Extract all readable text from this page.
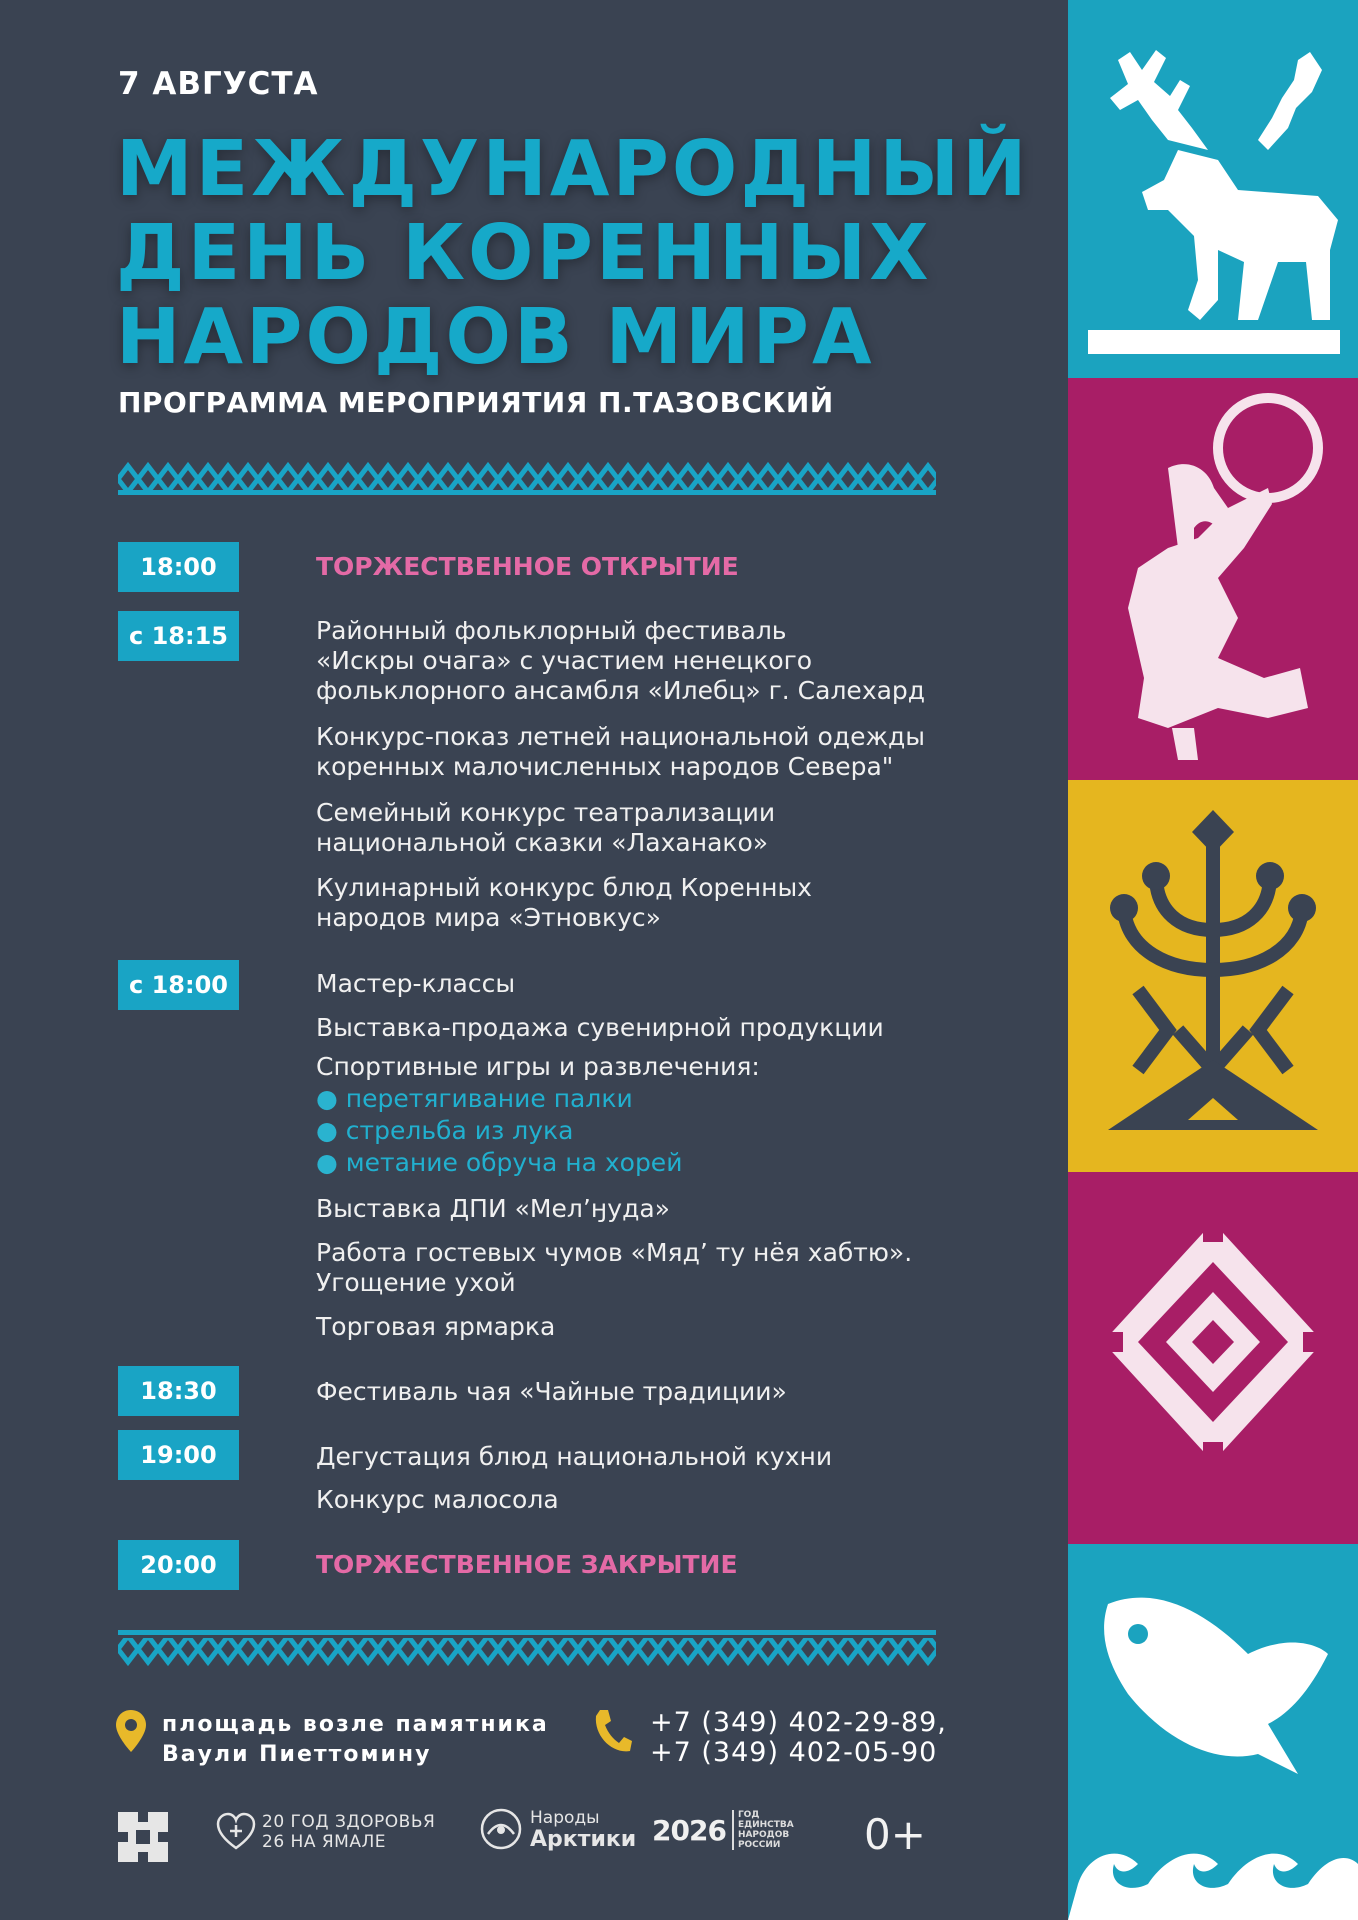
7 АВГУСТА
МЕЖДУНАРОДНЫЙ
ДЕНЬ КОРЕННЫХ
НАРОДОВ МИРА
ПРОГРАММА МЕРОПРИЯТИЯ П.ТАЗОВСКИЙ
18:00	ТОРЖЕСТВЕННОЕ ОТКРЫТИЕ
с 18:15	Районный фольклорный фестиваль
«Искры очага» с участием ненецкого
фольклорного ансамбля «Илебц» г. Салехард
Конкурс-показ летней национальной одежды
коренных малочисленных народов Севера"
Семейный конкурс театрализации
национальной сказки «Лаханако»
Кулинарный конкурс блюд Коренных
народов мира «Этновкус»
с 18:00	Мастер-классы
Выставка-продажа сувенирной продукции
Спортивные игры и развлечения:
● перетягивание палки
● стрельба из лука
● метание обруча на хорей
Выставка ДПИ «Мел’ӈуда»
Работа гостевых чумов «Мяд’ ту нёя хабтю».
Угощение ухой
Торговая ярмарка
18:30	Фестиваль чая «Чайные традиции»
19:00	Дегустация блюд национальной кухни
Конкурс малосола
20:00	ТОРЖЕСТВЕННОЕ ЗАКРЫТИЕ
площадь возле памятника
Ваули Пиеттомину
+7 (349) 402-29-89,
+7 (349) 402-05-90
20 ГОД ЗДОРОВЬЯ
26 НА ЯМАЛЕ
Народы
Арктики 2026 ГОД
ЕДИНСТВА
НАРОДОВ
РОССИИ	0+
